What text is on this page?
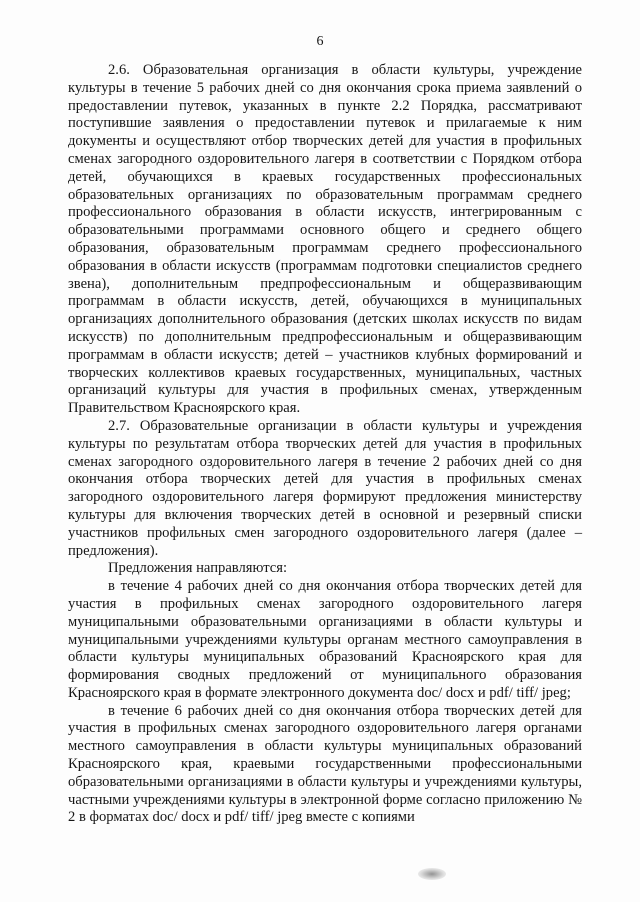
6

2.6. Образовательная организация в области культуры, учреждение культуры в течение 5 рабочих дней со дня окончания срока приема заявлений о предоставлении путевок, указанных в пункте 2.2 Порядка, рассматривают поступившие заявления о предоставлении путевок и прилагаемые к ним документы и осуществляют отбор творческих детей для участия в профильных сменах загородного оздоровительного лагеря в соответствии с Порядком отбора детей, обучающихся в краевых государственных профессиональных образовательных организациях по образовательным программам среднего профессионального образования в области искусств, интегрированным с образовательными программами основного общего и среднего общего образования, образовательным программам среднего профессионального образования в области искусств (программам подготовки специалистов среднего звена), дополнительным предпрофессиональным и общеразвивающим программам в области искусств, детей, обучающихся в муниципальных организациях дополнительного образования (детских школах искусств по видам искусств) по дополнительным предпрофессиональным и общеразвивающим программам в области искусств; детей – участников клубных формирований и творческих коллективов краевых государственных, муниципальных, частных организаций культуры для участия в профильных сменах, утвержденным Правительством Красноярского края.

2.7. Образовательные организации в области культуры и учреждения культуры по результатам отбора творческих детей для участия в профильных сменах загородного оздоровительного лагеря в течение 2 рабочих дней со дня окончания отбора творческих детей для участия в профильных сменах загородного оздоровительного лагеря формируют предложения министерству культуры для включения творческих детей в основной и резервный списки участников профильных смен загородного оздоровительного лагеря (далее – предложения).

Предложения направляются:

в течение 4 рабочих дней со дня окончания отбора творческих детей для участия в профильных сменах загородного оздоровительного лагеря муниципальными образовательными организациями в области культуры и муниципальными учреждениями культуры органам местного самоуправления в области культуры муниципальных образований Красноярского края для формирования сводных предложений от муниципального образования Красноярского края в формате электронного документа doc/ docx и pdf/ tiff/ jpeg;

в течение 6 рабочих дней со дня окончания отбора творческих детей для участия в профильных сменах загородного оздоровительного лагеря органами местного самоуправления в области культуры муниципальных образований Красноярского края, краевыми государственными профессиональными образовательными организациями в области культуры и учреждениями культуры, частными учреждениями культуры в электронной форме согласно приложению № 2 в форматах doc/ docx и pdf/ tiff/ jpeg вместе с копиями
